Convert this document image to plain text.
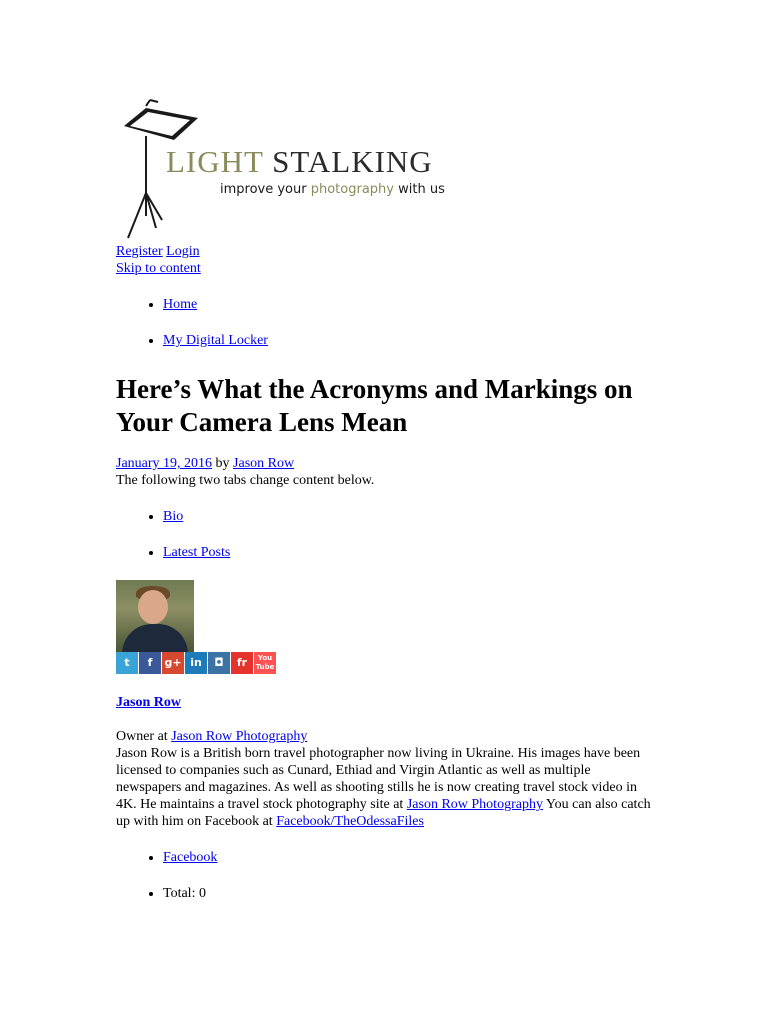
LIGHT STALKING
improve your photography with us
Register Login
Skip to content
• Home
• My Digital Locker
Here’s What the Acronyms and Markings on Your Camera Lens Mean
January 19, 2016 by Jason Row
The following two tabs change content below.
• Bio
• Latest Posts
t	f	g+ in	◘	fr	You Tube
Jason Row
Owner at Jason Row Photography
Jason Row is a British born travel photographer now living in Ukraine. His images have been licensed to companies such as Cunard, Ethiad and Virgin Atlantic as well as multiple newspapers and magazines. As well as shooting stills he is now creating travel stock video in 4K. He maintains a travel stock photography site at Jason Row Photography You can also catch up with him on Facebook at Facebook/TheOdessaFiles
• Facebook
• Total: 0
